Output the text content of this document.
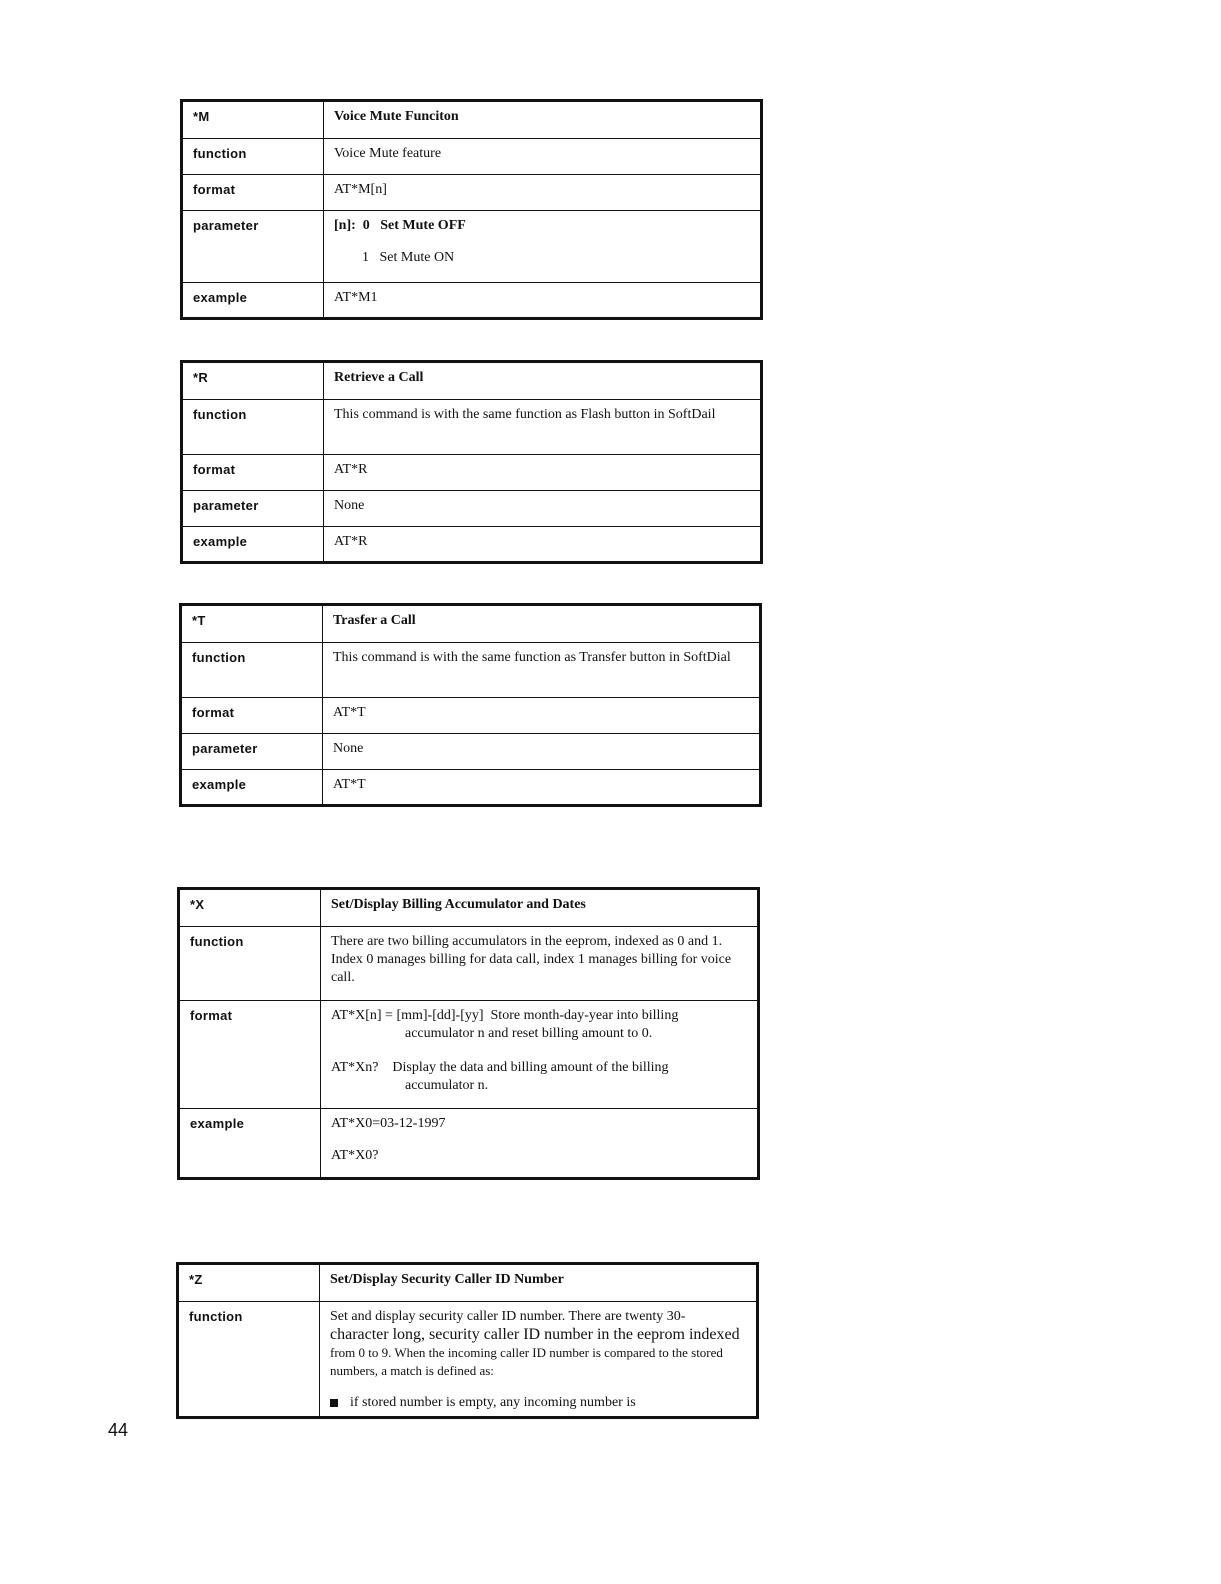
*M	Voice Mute Funciton
function	Voice Mute feature
format	AT*M[n]
parameter	[n]:  0   Set Mute OFF
1   Set Mute ON

example	AT*M1
*R	Retrieve a Call
function	This command is with the same function as Flash button in SoftDail
format	AT*R
parameter	None
example	AT*R
*T	Trasfer a Call
function	This command is with the same function as Transfer button in SoftDial
format	AT*T
parameter	None
example	AT*T
*X	Set/Display Billing Accumulator and Dates
function	There are two billing accumulators in the eeprom, indexed as 0 and 1. Index 0 manages billing for data call, index 1 manages billing for voice call.
format	AT*X[n] = [mm]-[dd]-[yy]  Store month-day-year into billing
accumulator n and reset billing amount to 0.
AT*Xn?    Display the data and billing amount of the billing
accumulator n.

example	AT*X0=03-12-1997
AT*X0?
*Z	Set/Display Security Caller ID Number
function	Set and display security caller ID number. There are twenty 30-
character long, security caller ID number in the eeprom indexed
from 0 to 9. When the incoming caller ID number is compared to the stored numbers, a match is defined as:
if stored number is empty, any incoming number is
44
